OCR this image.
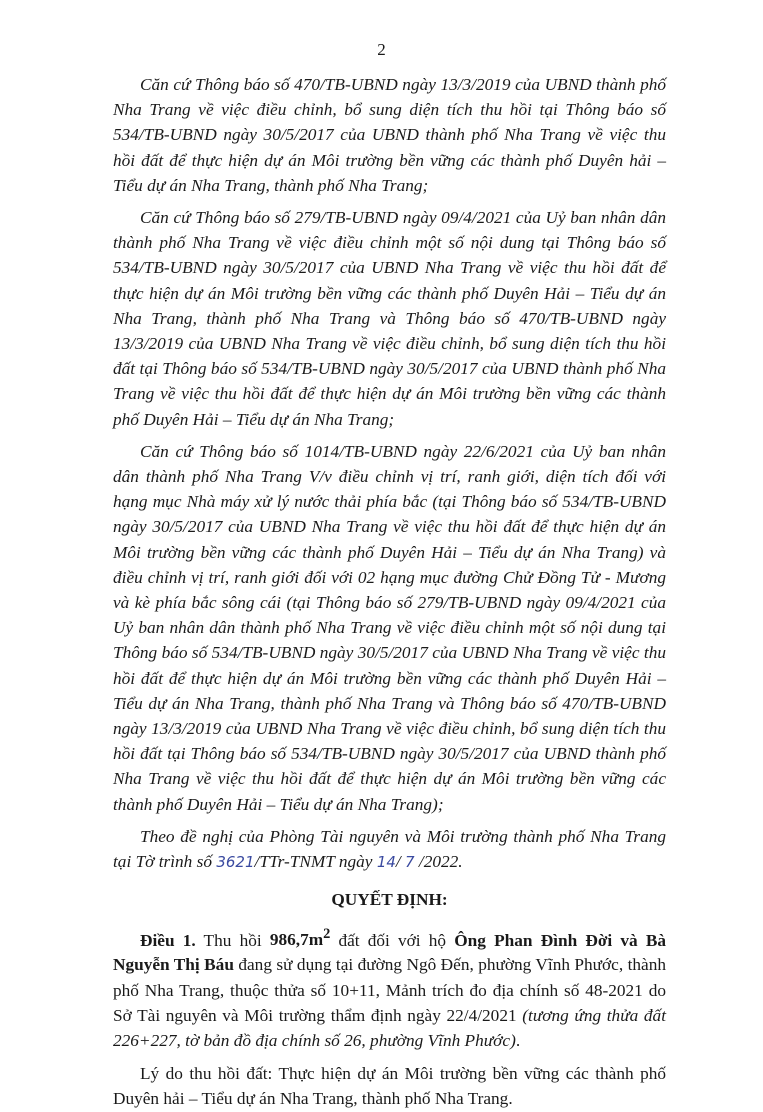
2

Căn cứ Thông báo số 470/TB-UBND ngày 13/3/2019 của UBND thành phố Nha Trang về việc điều chỉnh, bổ sung diện tích thu hồi tại Thông báo số 534/TB-UBND ngày 30/5/2017 của UBND thành phố Nha Trang về việc thu hồi đất để thực hiện dự án Môi trường bền vững các thành phố Duyên hải – Tiểu dự án Nha Trang, thành phố Nha Trang;

Căn cứ Thông báo số 279/TB-UBND ngày 09/4/2021 của Uỷ ban nhân dân thành phố Nha Trang về việc điều chỉnh một số nội dung tại Thông báo số 534/TB-UBND ngày 30/5/2017 của UBND Nha Trang về việc thu hồi đất để thực hiện dự án Môi trường bền vững các thành phố Duyên Hải – Tiểu dự án Nha Trang, thành phố Nha Trang và Thông báo số 470/TB-UBND ngày 13/3/2019 của UBND Nha Trang về việc điều chỉnh, bổ sung diện tích thu hồi đất tại Thông báo số 534/TB-UBND ngày 30/5/2017 của UBND thành phố Nha Trang về việc thu hồi đất để thực hiện dự án Môi trường bền vững các thành phố Duyên Hải – Tiểu dự án Nha Trang;

Căn cứ Thông báo số 1014/TB-UBND ngày 22/6/2021 của Uỷ ban nhân dân thành phố Nha Trang V/v điều chỉnh vị trí, ranh giới, diện tích đối với hạng mục Nhà máy xử lý nước thải phía bắc (tại Thông báo số 534/TB-UBND ngày 30/5/2017 của UBND Nha Trang về việc thu hồi đất để thực hiện dự án Môi trường bền vững các thành phố Duyên Hải – Tiểu dự án Nha Trang) và điều chỉnh vị trí, ranh giới đối với 02 hạng mục đường Chử Đồng Tử - Mương và kè phía bắc sông cái (tại Thông báo số 279/TB-UBND ngày 09/4/2021 của Uỷ ban nhân dân thành phố Nha Trang về việc điều chỉnh một số nội dung tại Thông báo số 534/TB-UBND ngày 30/5/2017 của UBND Nha Trang về việc thu hồi đất để thực hiện dự án Môi trường bền vững các thành phố Duyên Hải – Tiểu dự án Nha Trang, thành phố Nha Trang và Thông báo số 470/TB-UBND ngày 13/3/2019 của UBND Nha Trang về việc điều chỉnh, bổ sung diện tích thu hồi đất tại Thông báo số 534/TB-UBND ngày 30/5/2017 của UBND thành phố Nha Trang về việc thu hồi đất để thực hiện dự án Môi trường bền vững các thành phố Duyên Hải – Tiểu dự án Nha Trang);

Theo đề nghị của Phòng Tài nguyên và Môi trường thành phố Nha Trang tại Tờ trình số 3621/TTr-TNMT ngày 14/ 7 /2022.

QUYẾT ĐỊNH:

Điều 1. Thu hồi $986,7m^2$ đất đối với hộ Ông Phan Đình Đời và Bà Nguyễn Thị Báu đang sử dụng tại đường Ngô Đến, phường Vĩnh Phước, thành phố Nha Trang, thuộc thửa số 10+11, Mảnh trích đo địa chính số 48-2021 do Sở Tài nguyên và Môi trường thẩm định ngày 22/4/2021 (tương ứng thửa đất 226+227, tờ bản đồ địa chính số 26, phường Vĩnh Phước).

Lý do thu hồi đất: Thực hiện dự án Môi trường bền vững các thành phố Duyên hải – Tiểu dự án Nha Trang, thành phố Nha Trang.
